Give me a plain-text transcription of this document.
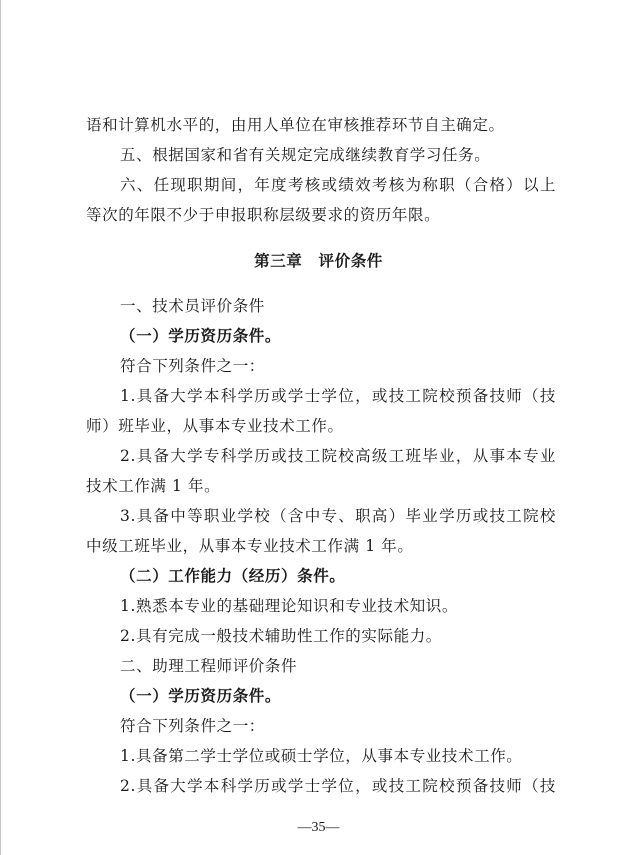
语和计算机水平的，由用人单位在审核推荐环节自主确定。
五、根据国家和省有关规定完成继续教育学习任务。
六、任现职期间，年度考核或绩效考核为称职（合格）以上
等次的年限不少于申报职称层级要求的资历年限。
第三章　评价条件
一、技术员评价条件
（一）学历资历条件。
符合下列条件之一：
1.具备大学本科学历或学士学位，或技工院校预备技师（技
师）班毕业，从事本专业技术工作。
2.具备大学专科学历或技工院校高级工班毕业，从事本专业
技术工作满 1 年。
3.具备中等职业学校（含中专、职高）毕业学历或技工院校
中级工班毕业，从事本专业技术工作满 1 年。
（二）工作能力（经历）条件。
1.熟悉本专业的基础理论知识和专业技术知识。
2.具有完成一般技术辅助性工作的实际能力。
二、助理工程师评价条件
（一）学历资历条件。
符合下列条件之一：
1.具备第二学士学位或硕士学位，从事本专业技术工作。
2.具备大学本科学历或学士学位，或技工院校预备技师（技
—35—
